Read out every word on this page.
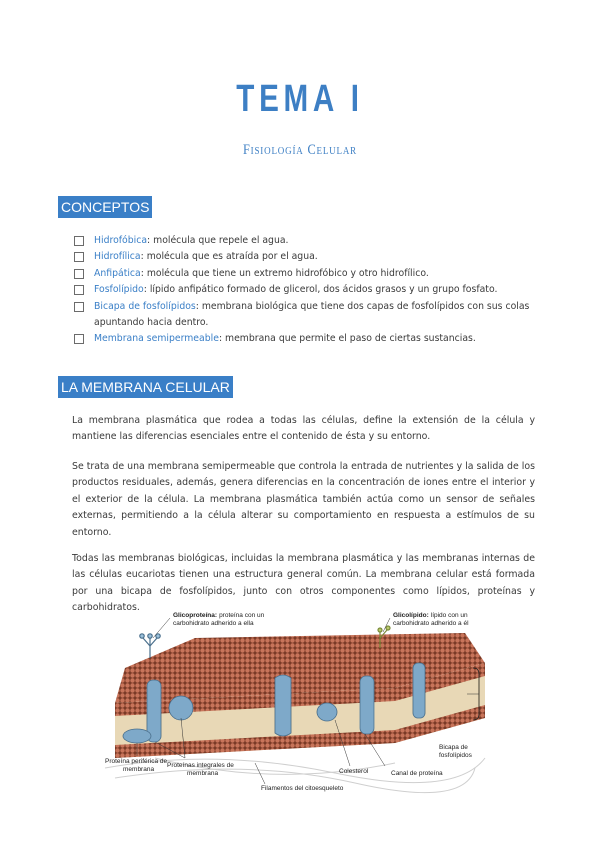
TEMA I
Fisiología Celular
CONCEPTOS
Hidrofóbica: molécula que repele el agua.
Hidrofílica: molécula que es atraída por el agua.
Anfipática: molécula que tiene un extremo hidrofóbico y otro hidrofílico.
Fosfolípido: lípido anfipático formado de glicerol, dos ácidos grasos y un grupo fosfato.
Bicapa de fosfolípidos: membrana biológica que tiene dos capas de fosfolípidos con sus colas apuntando hacia dentro.
Membrana semipermeable: membrana que permite el paso de ciertas sustancias.
LA MEMBRANA CELULAR

La membrana plasmática que rodea a todas las células, define la extensión de la célula y mantiene las diferencias esenciales entre el contenido de ésta y su entorno.

Se trata de una membrana semipermeable que controla la entrada de nutrientes y la salida de los productos residuales, además, genera diferencias en la concentración de iones entre el interior y el exterior de la célula. La membrana plasmática también actúa como un sensor de señales externas, permitiendo a la célula alterar su comportamiento en respuesta a estímulos de su entorno.

Todas las membranas biológicas, incluidas la membrana plasmática y las membranas internas de las células eucariotas tienen una estructura general común. La membrana celular está formada por una bicapa de fosfolípidos, junto con otros componentes como lípidos, proteínas y carbohidratos.

Glicoproteína: proteína con un
carbohidrato adherido a ella
Glicolípido: lípido con un
carbohidrato adherido a él
Proteína periférica de
membrana
Proteínas integrales de
membrana	Colesterol	Canal de proteína
Bicapa de
fosfolípidos
Filamentos del citoesqueleto
